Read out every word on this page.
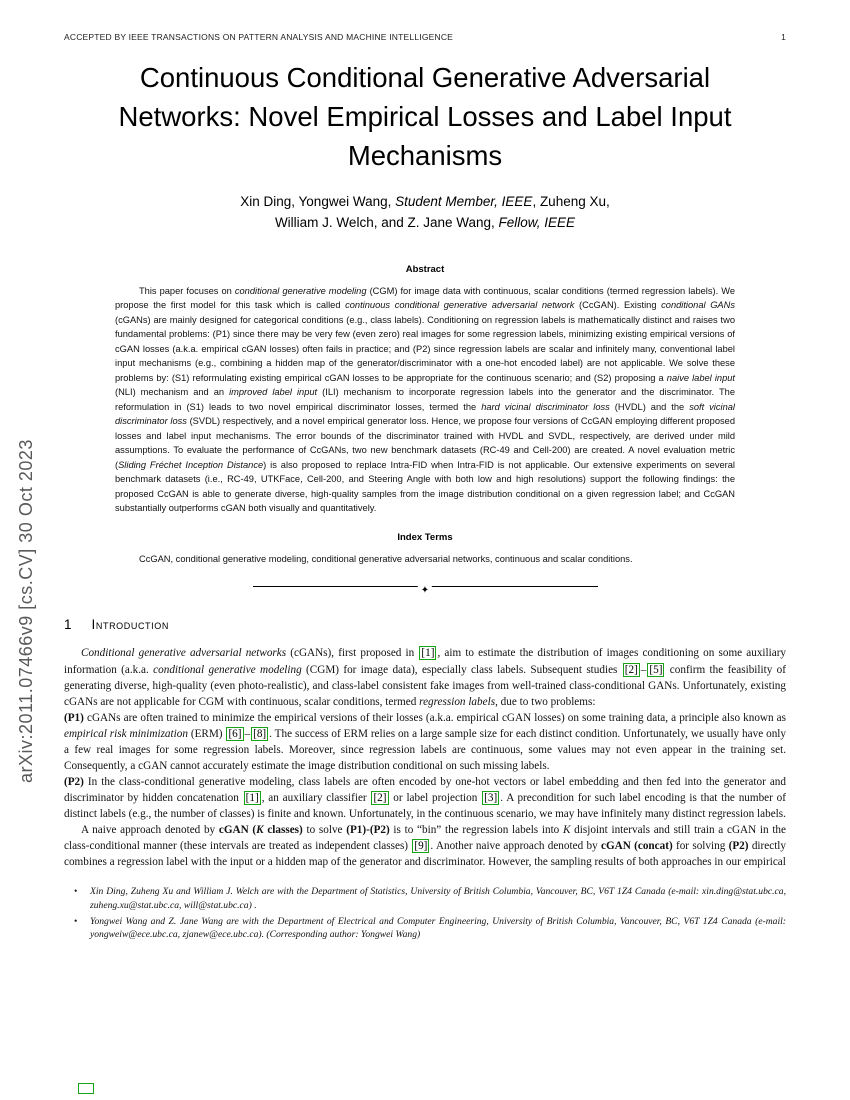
arXiv:2011.07466v9 [cs.CV] 30 Oct 2023
ACCEPTED BY IEEE TRANSACTIONS ON PATTERN ANALYSIS AND MACHINE INTELLIGENCE	1
Continuous Conditional Generative Adversarial Networks: Novel Empirical Losses and Label Input Mechanisms
Xin Ding, Yongwei Wang, Student Member, IEEE, Zuheng Xu,
William J. Welch, and Z. Jane Wang, Fellow, IEEE
Abstract
This paper focuses on conditional generative modeling (CGM) for image data with continuous, scalar conditions (termed regression labels). We propose the first model for this task which is called continuous conditional generative adversarial network (CcGAN). Existing conditional GANs (cGANs) are mainly designed for categorical conditions (e.g., class labels). Conditioning on regression labels is mathematically distinct and raises two fundamental problems: (P1) since there may be very few (even zero) real images for some regression labels, minimizing existing empirical versions of cGAN losses (a.k.a. empirical cGAN losses) often fails in practice; and (P2) since regression labels are scalar and infinitely many, conventional label input mechanisms (e.g., combining a hidden map of the generator/discriminator with a one-hot encoded label) are not applicable. We solve these problems by: (S1) reformulating existing empirical cGAN losses to be appropriate for the continuous scenario; and (S2) proposing a naive label input (NLI) mechanism and an improved label input (ILI) mechanism to incorporate regression labels into the generator and the discriminator. The reformulation in (S1) leads to two novel empirical discriminator losses, termed the hard vicinal discriminator loss (HVDL) and the soft vicinal discriminator loss (SVDL) respectively, and a novel empirical generator loss. Hence, we propose four versions of CcGAN employing different proposed losses and label input mechanisms. The error bounds of the discriminator trained with HVDL and SVDL, respectively, are derived under mild assumptions. To evaluate the performance of CcGANs, two new benchmark datasets (RC-49 and Cell-200) are created. A novel evaluation metric (Sliding Fréchet Inception Distance) is also proposed to replace Intra-FID when Intra-FID is not applicable. Our extensive experiments on several benchmark datasets (i.e., RC-49, UTKFace, Cell-200, and Steering Angle with both low and high resolutions) support the following findings: the proposed CcGAN is able to generate diverse, high-quality samples from the image distribution conditional on a given regression label; and CcGAN substantially outperforms cGAN both visually and quantitatively.
Index Terms
CcGAN, conditional generative modeling, conditional generative adversarial networks, continuous and scalar conditions.
✦
1 Introduction

Conditional generative adversarial networks (cGANs), first proposed in [1] , aim to estimate the distribution of images conditioning on some auxiliary information (a.k.a. conditional generative modeling (CGM) for image data), especially class labels. Subsequent studies [2] – [5] confirm the feasibility of generating diverse, high-quality (even photo-realistic), and class-label consistent fake images from well-trained class-conditional GANs. Unfortunately, existing cGANs are not applicable for CGM with continuous, scalar conditions, termed regression labels, due to two problems:

(P1) cGANs are often trained to minimize the empirical versions of their losses (a.k.a. empirical cGAN losses) on some training data, a principle also known as empirical risk minimization (ERM) [6] – [8] . The success of ERM relies on a large sample size for each distinct condition. Unfortunately, we usually have only a few real images for some regression labels. Moreover, since regression labels are continuous, some values may not even appear in the training set. Consequently, a cGAN cannot accurately estimate the image distribution conditional on such missing labels.

(P2) In the class-conditional generative modeling, class labels are often encoded by one-hot vectors or label embedding and then fed into the generator and discriminator by hidden concatenation [1] , an auxiliary classifier [2] or label projection [3] . A precondition for such label encoding is that the number of distinct labels (e.g., the number of classes) is finite and known. Unfortunately, in the continuous scenario, we may have infinitely many distinct regression labels.

A naive approach denoted by cGAN (K classes) to solve (P1)-(P2) is to “bin” the regression labels into K disjoint intervals and still train a cGAN in the class-conditional manner (these intervals are treated as independent classes) [9] . Another naive approach denoted by cGAN (concat) for solving (P2) directly combines a regression label with the input or a hidden map of the generator and discriminator. However, the sampling results of both approaches in our empirical

•	Xin Ding, Zuheng Xu and William J. Welch are with the Department of Statistics, University of British Columbia, Vancouver, BC, V6T 1Z4 Canada (e-mail: xin.ding@stat.ubc.ca, zuheng.xu@stat.ubc.ca, will@stat.ubc.ca) .
•	Yongwei Wang and Z. Jane Wang are with the Department of Electrical and Computer Engineering, University of British Columbia, Vancouver, BC, V6T 1Z4 Canada (e-mail: yongweiw@ece.ubc.ca, zjanew@ece.ubc.ca). (Corresponding author: Yongwei Wang)
